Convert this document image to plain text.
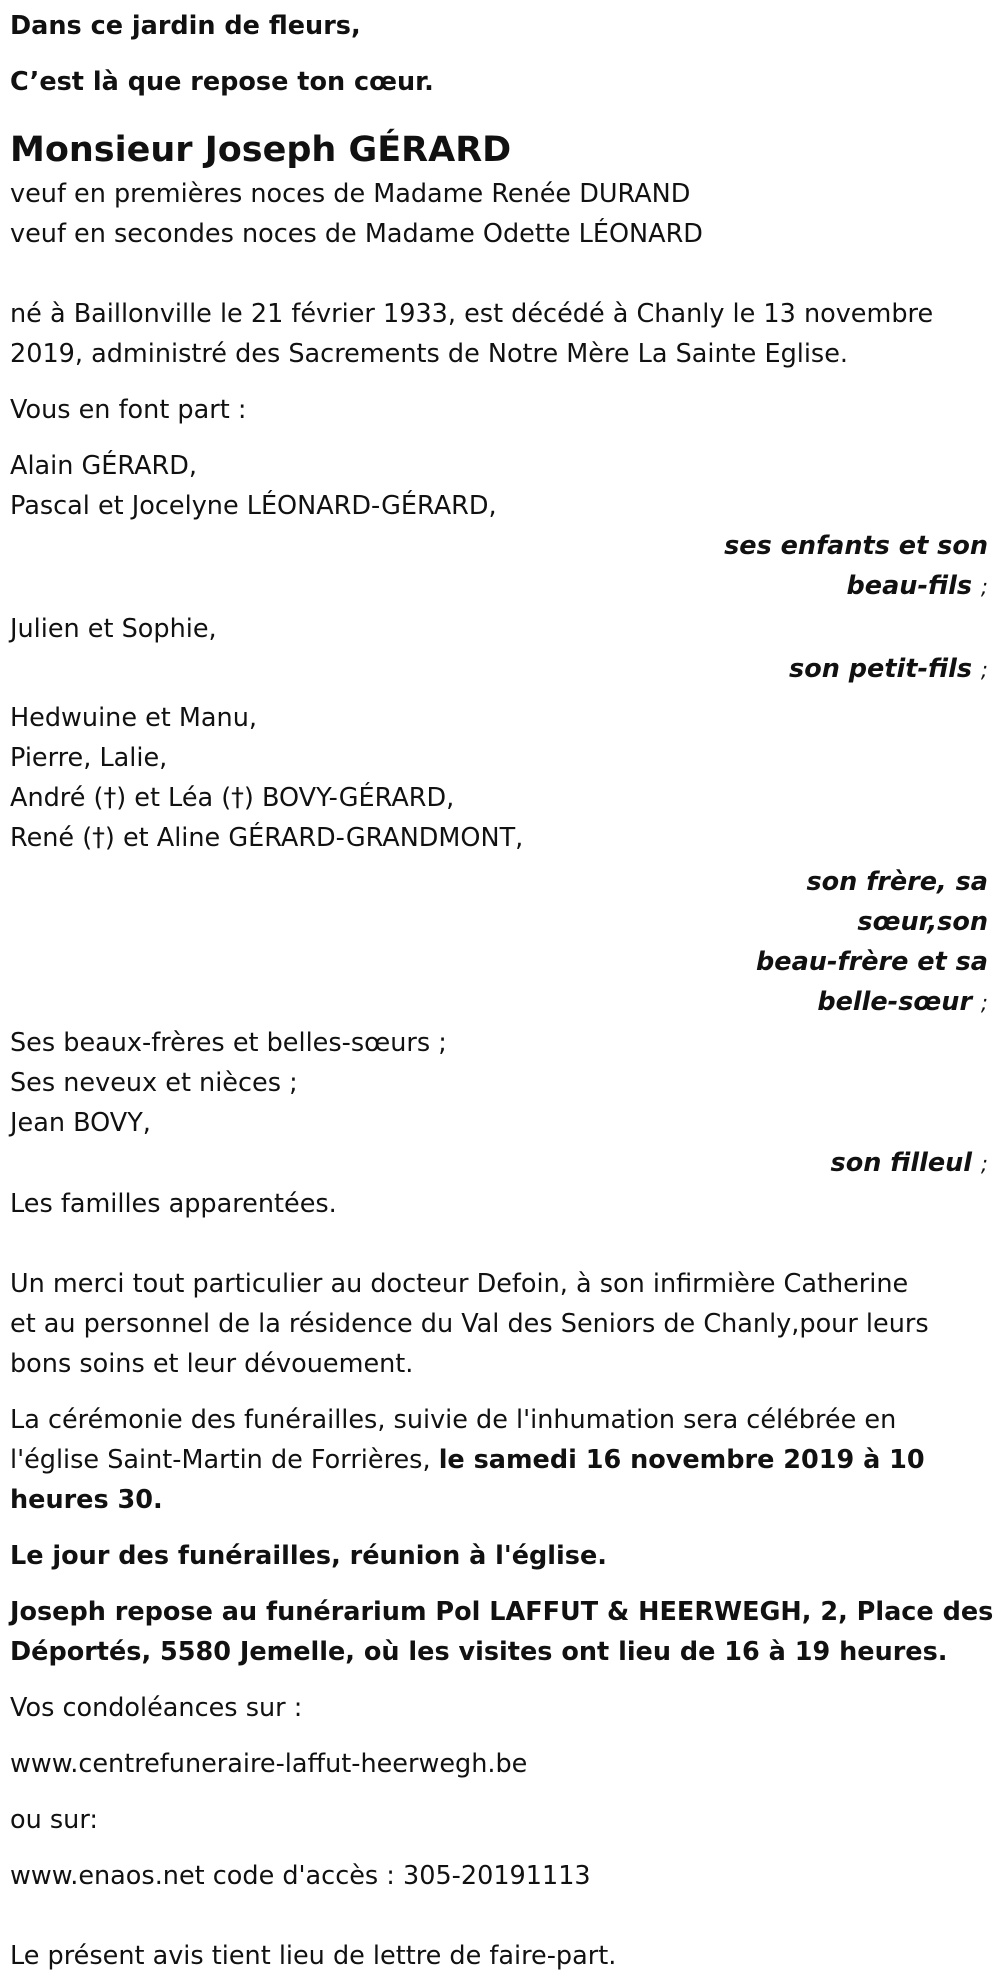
Dans ce jardin de fleurs,

C’est là que repose ton cœur.

Monsieur Joseph GÉRARD

veuf en premières noces de Madame Renée DURAND

veuf en secondes noces de Madame Odette LÉONARD

né à Baillonville le 21 février 1933, est décédé à Chanly le 13 novembre

2019, administré des Sacrements de Notre Mère La Sainte Eglise.

Vous en font part :

Alain GÉRARD,

Pascal et Jocelyne LÉONARD-GÉRARD,

ses enfants et son

beau-fils ;

Julien et Sophie,

son petit-fils ;

Hedwuine et Manu,

Pierre, Lalie,

André (†) et Léa (†) BOVY-GÉRARD,

René (†) et Aline GÉRARD-GRANDMONT,

son frère, sa

sœur,son

beau-frère et sa

belle-sœur ;

Ses beaux-frères et belles-sœurs ;

Ses neveux et nièces ;

Jean BOVY,

son filleul ;

Les familles apparentées.

Un merci tout particulier au docteur Defoin, à son infirmière Catherine

et au personnel de la résidence du Val des Seniors de Chanly,pour leurs

bons soins et leur dévouement.

La cérémonie des funérailles, suivie de l'inhumation sera célébrée en

l'église Saint-Martin de Forrières, le samedi 16 novembre 2019 à 10

heures 30.

Le jour des funérailles, réunion à l'église.

Joseph repose au funérarium Pol LAFFUT & HEERWEGH, 2, Place des

Déportés, 5580 Jemelle, où les visites ont lieu de 16 à 19 heures.

Vos condoléances sur :

www.centrefuneraire-laffut-heerwegh.be

ou sur:

www.enaos.net code d'accès : 305-20191113

Le présent avis tient lieu de lettre de faire-part.
